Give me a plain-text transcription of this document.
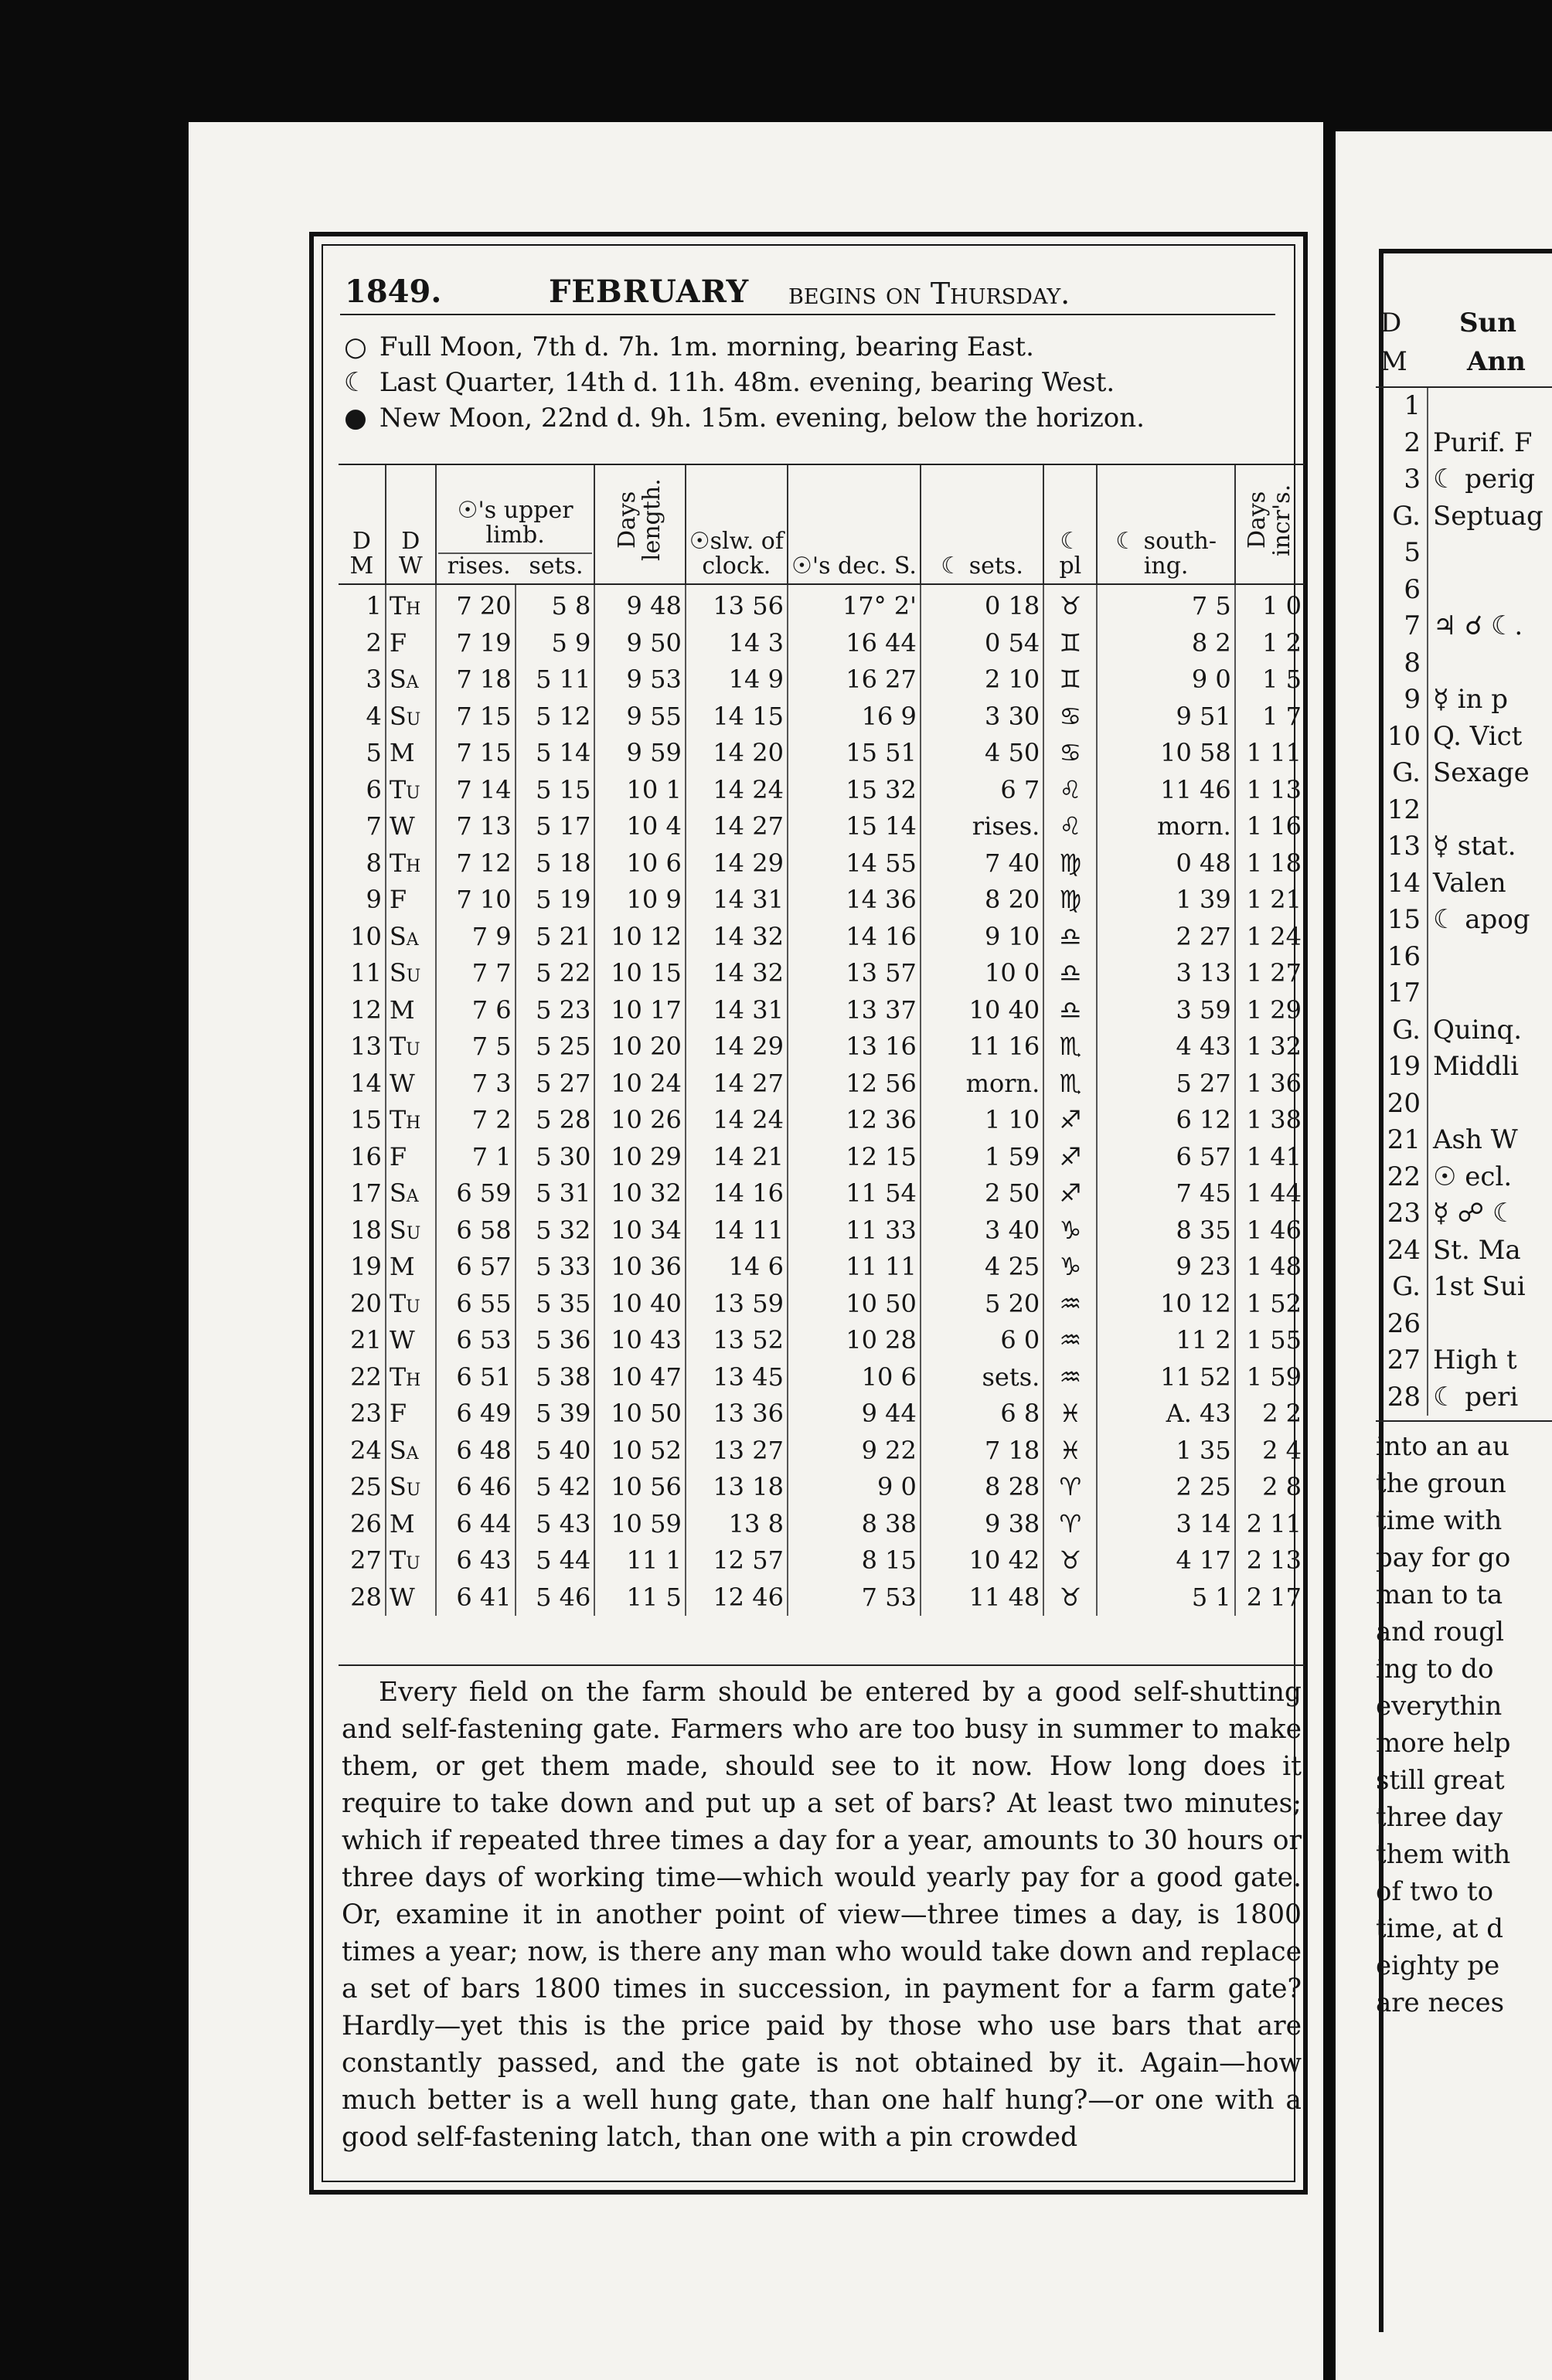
1849.	FEBRUARY begins on Thursday.
○ Full Moon, 7th d. 7h. 1m. morning, bearing East.
☾ Last Quarter, 14th d. 11h. 48m. evening, bearing West.
● New Moon, 22nd d. 9h. 15m. evening, below the horizon.
D M	D W	☉'s upper limb.
rises. sets.		Days length.	☉slw. of clock.	☉'s dec. S.	☾ sets.	☾ pl	☾ south-ing.	Days incr's.
1	Th	7 20	5 8	9 48	13 56	17° 2'	0 18	♉	7 5	1 0
2	F	7 19	5 9	9 50	14 3	16 44	0 54	♊	8 2	1 2
3	Sa	7 18	5 11	9 53	14 9	16 27	2 10	♊	9 0	1 5
4	Su	7 15	5 12	9 55	14 15	16 9	3 30	♋	9 51	1 7
5	M	7 15	5 14	9 59	14 20	15 51	4 50	♋	10 58	1 11
6	Tu	7 14	5 15	10 1	14 24	15 32	6 7	♌	11 46	1 13
7	W	7 13	5 17	10 4	14 27	15 14	rises.	♌	morn.	1 16
8	Th	7 12	5 18	10 6	14 29	14 55	7 40	♍	0 48	1 18
9	F	7 10	5 19	10 9	14 31	14 36	8 20	♍	1 39	1 21
10	Sa	7 9	5 21	10 12	14 32	14 16	9 10	♎	2 27	1 24
11	Su	7 7	5 22	10 15	14 32	13 57	10 0	♎	3 13	1 27
12	M	7 6	5 23	10 17	14 31	13 37	10 40	♎	3 59	1 29
13	Tu	7 5	5 25	10 20	14 29	13 16	11 16	♏	4 43	1 32
14	W	7 3	5 27	10 24	14 27	12 56	morn.	♏	5 27	1 36
15	Th	7 2	5 28	10 26	14 24	12 36	1 10	♐	6 12	1 38
16	F	7 1	5 30	10 29	14 21	12 15	1 59	♐	6 57	1 41
17	Sa	6 59	5 31	10 32	14 16	11 54	2 50	♐	7 45	1 44
18	Su	6 58	5 32	10 34	14 11	11 33	3 40	♑	8 35	1 46
19	M	6 57	5 33	10 36	14 6	11 11	4 25	♑	9 23	1 48
20	Tu	6 55	5 35	10 40	13 59	10 50	5 20	♒	10 12	1 52
21	W	6 53	5 36	10 43	13 52	10 28	6 0	♒	11 2	1 55
22	Th	6 51	5 38	10 47	13 45	10 6	sets.	♒	11 52	1 59
23	F	6 49	5 39	10 50	13 36	9 44	6 8	♓	A. 43	2 2
24	Sa	6 48	5 40	10 52	13 27	9 22	7 18	♓	1 35	2 4
25	Su	6 46	5 42	10 56	13 18	9 0	8 28	♈	2 25	2 8
26	M	6 44	5 43	10 59	13 8	8 38	9 38	♈	3 14	2 11
27	Tu	6 43	5 44	11 1	12 57	8 15	10 42	♉	4 17	2 13
28	W	6 41	5 46	11 5	12 46	7 53	11 48	♉	5 1	2 17

Every field on the farm should be entered by a good self-shutting and self-fastening gate. Farmers who are too busy in summer to make them, or get them made, should see to it now. How long does it require to take down and put up a set of bars? At least two minutes; which if repeated three times a day for a year, amounts to 30 hours or three days of working time—which would yearly pay for a good gate. Or, examine it in another point of view—three times a day, is 1800 times a year; now, is there any man who would take down and replace a set of bars 1800 times in succession, in payment for a farm gate? Hardly—yet this is the price paid by those who use bars that are constantly passed, and the gate is not obtained by it. Again—how much better is a well hung gate, than one half hung?—or one with a good self-fastening latch, than one with a pin crowded

D
M
Sun
Ann
1
2 Purif. F
3 ☾ perig
G. Septuag
5
6
7 ♃ ☌ ☾.
8
9 ☿ in p
10 Q. Vict
G. Sexage
12
13 ☿ stat.
14 Valen
15 ☾ apog
16
17
G. Quinq.
19 Middli
20
21 Ash W
22 ☉ ecl.
23 ☿ ☍ ☾
24 St. Ma
G. 1st Sui
26
27 High t
28 ☾ peri
into an au
the groun
time with
pay for go
man to ta
and rougl
ing to do
everythin
more help
still great
three day
them with
of two to
time, at d
eighty pe
are neces
